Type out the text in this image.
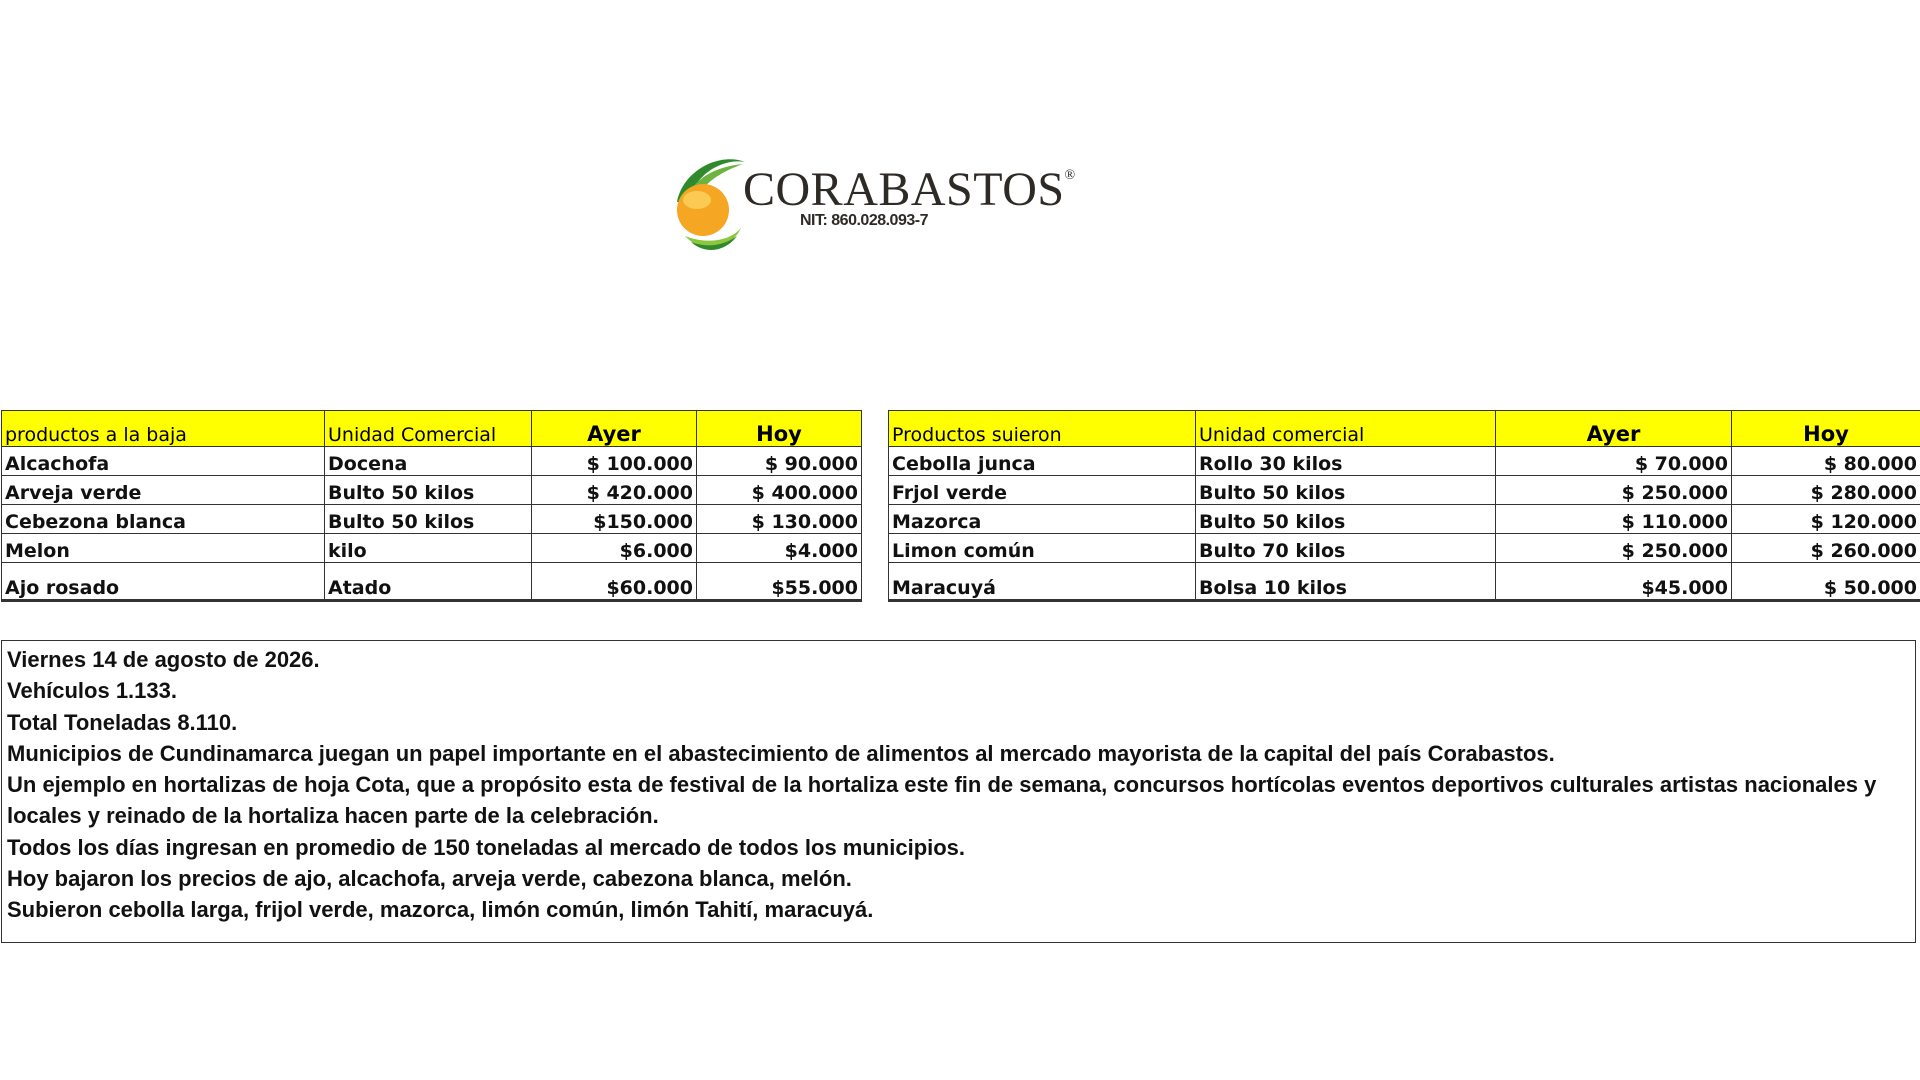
CORABASTOS®
NIT: 860.028.093-7
productos a la baja	Unidad Comercial	Ayer	Hoy
Alcachofa	Docena	$ 100.000	$ 90.000
Arveja verde	Bulto 50 kilos	$ 420.000	$ 400.000
Cebezona blanca	Bulto 50 kilos	$150.000	$ 130.000
Melon	kilo	$6.000	$4.000
Ajo rosado	Atado	$60.000	$55.000
Productos suieron	Unidad comercial	Ayer	Hoy
Cebolla junca	Rollo 30 kilos	$ 70.000	$ 80.000
Frjol verde	Bulto 50 kilos	$ 250.000	$ 280.000
Mazorca	Bulto 50 kilos	$ 110.000	$ 120.000
Limon común	Bulto 70 kilos	$ 250.000	$ 260.000
Maracuyá	Bolsa 10 kilos	$45.000	$ 50.000

Viernes 14 de agosto de 2026.

Vehículos 1.133.

Total Toneladas 8.110.

Municipios de Cundinamarca juegan un papel importante en el abastecimiento de alimentos al mercado mayorista de la capital del país Corabastos.

Un ejemplo en hortalizas de hoja Cota, que a propósito esta de festival de la hortaliza este fin de semana, concursos hortícolas eventos deportivos culturales artistas nacionales y locales y reinado de la hortaliza hacen parte de la celebración.

Todos los días ingresan en promedio de 150 toneladas al mercado de todos los municipios.

Hoy bajaron los precios de ajo, alcachofa, arveja verde, cabezona blanca, melón.

Subieron cebolla larga, frijol verde, mazorca, limón común, limón Tahití, maracuyá.
